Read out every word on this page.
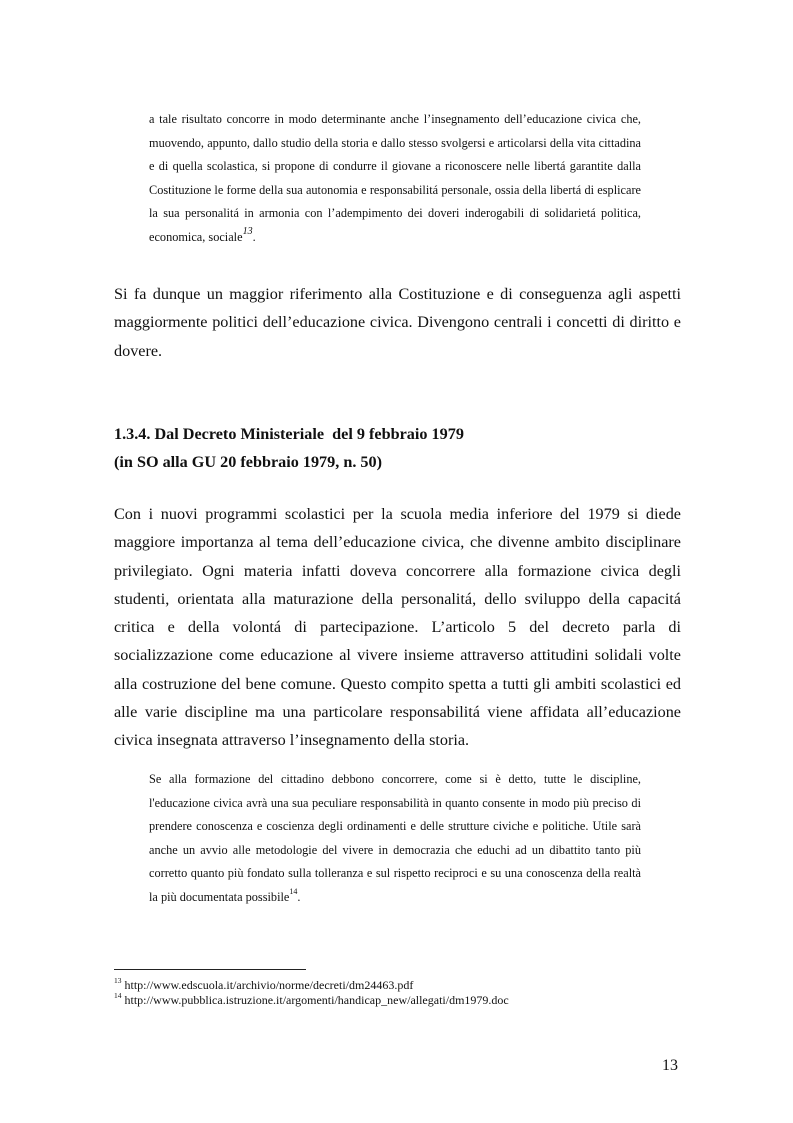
a tale risultato concorre in modo determinante anche l’insegnamento dell’educazione civica che, muovendo, appunto, dallo studio della storia e dallo stesso svolgersi e articolarsi della vita cittadina e di quella scolastica, si propone di condurre il giovane a riconoscere nelle libertá garantite dalla Costituzione le forme della sua autonomia e responsabilitá personale, ossia della libertá di esplicare la sua personalitá in armonia con l’adempimento dei doveri inderogabili di solidarietá politica, economica, sociale$^{13}$.

Si fa dunque un maggior riferimento alla Costituzione e di conseguenza agli aspetti maggiormente politici dell’educazione civica. Divengono centrali i concetti di diritto e dovere.

1.3.4. Dal Decreto Ministeriale  del 9 febbraio 1979
(in SO alla GU 20 febbraio 1979, n. 50)

Con i nuovi programmi scolastici per la scuola media inferiore del 1979 si diede maggiore importanza al tema dell’educazione civica, che divenne ambito disciplinare privilegiato. Ogni materia infatti doveva concorrere alla formazione civica degli studenti, orientata alla maturazione della personalitá, dello sviluppo della capacitá critica e della volontá di partecipazione. L’articolo 5 del decreto parla di socializzazione come educazione al vivere insieme attraverso attitudini solidali volte alla costruzione del bene comune. Questo compito spetta a tutti gli ambiti scolastici ed alle varie discipline ma una particolare responsabilitá viene affidata all’educazione civica insegnata attraverso l’insegnamento della storia.

Se alla formazione del cittadino debbono concorrere, come si è detto, tutte le discipline, l'educazione civica avrà una sua peculiare responsabilità in quanto consente in modo più preciso di prendere conoscenza e coscienza degli ordinamenti e delle strutture civiche e politiche. Utile sarà anche un avvio alle metodologie del vivere in democrazia che educhi ad un dibattito tanto più corretto quanto più fondato sulla tolleranza e sul rispetto reciproci e su una conoscenza della realtà la più documentata possibile$^{14}$.

$^{13}$ http://www.edscuola.it/archivio/norme/decreti/dm24463.pdf
$^{14}$ http://www.pubblica.istruzione.it/argomenti/handicap_new/allegati/dm1979.doc
13
